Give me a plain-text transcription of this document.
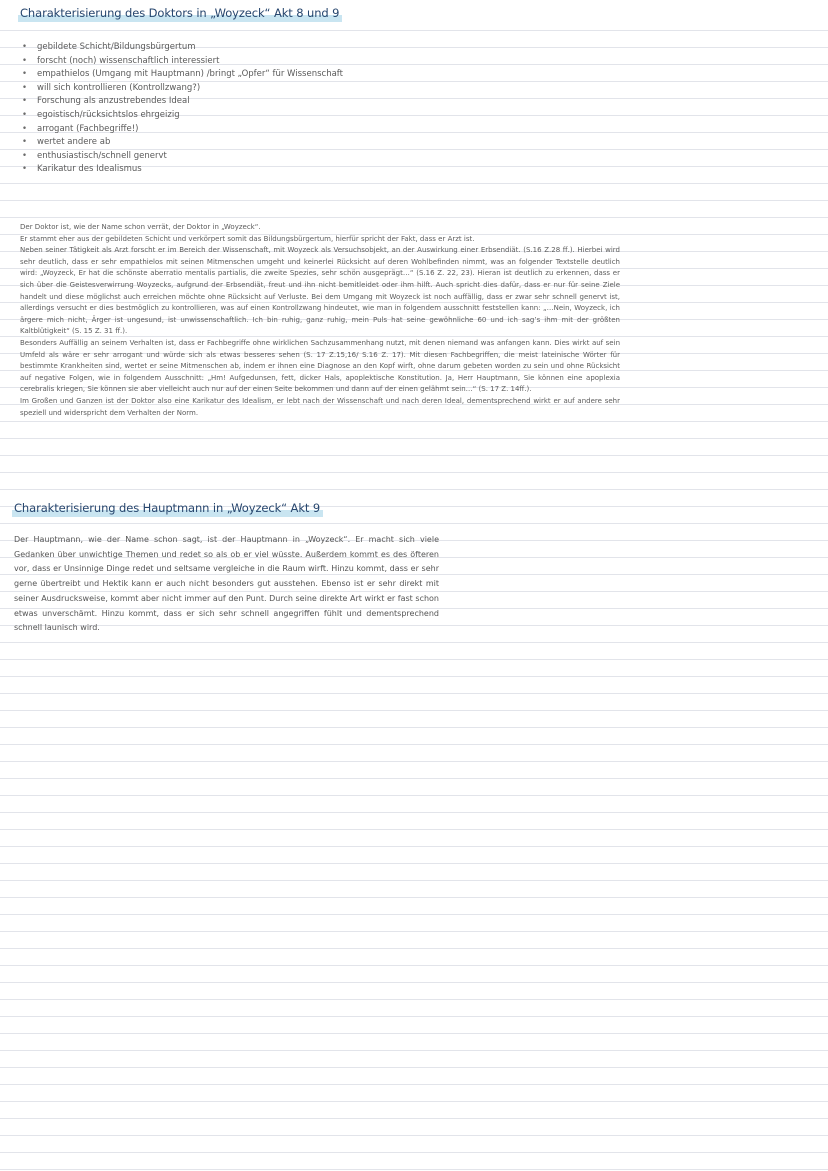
Charakterisierung des Doktors in „Woyzeck“ Akt 8 und 9
• gebildete Schicht/Bildungsbürgertum
• forscht (noch) wissenschaftlich interessiert
• empathielos (Umgang mit Hauptmann) /bringt „Opfer“ für Wissenschaft
• will sich kontrollieren (Kontrollzwang?)
• Forschung als anzustrebendes Ideal
• egoistisch/rücksichtslos ehrgeizig
• arrogant (Fachbegriffe!)
• wertet andere ab
• enthusiastisch/schnell genervt
• Karikatur des Idealismus

Der Doktor ist, wie der Name schon verrät, der Doktor in „Woyzeck“.

Er stammt eher aus der gebildeten Schicht und verkörpert somit das Bildungsbürgertum, hierfür spricht der Fakt, dass er Arzt ist.

Neben seiner Tätigkeit als Arzt forscht er im Bereich der Wissenschaft, mit Woyzeck als Versuchsobjekt, an der Auswirkung einer Erbsendiät. (S.16 Z.28 ff.). Hierbei wird sehr deutlich, dass er sehr empathielos mit seinen Mitmenschen umgeht und keinerlei Rücksicht auf deren Wohlbefinden nimmt, was an folgender Textstelle deutlich wird: „Woyzeck, Er hat die schönste aberratio mentalis partialis, die zweite Spezies, sehr schön ausgeprägt…“ (S.16 Z. 22, 23). Hieran ist deutlich zu erkennen, dass er sich über die Geistesverwirrung Woyzecks, aufgrund der Erbsendiät, freut und ihn nicht bemitleidet oder ihm hilft. Auch spricht dies dafür, dass er nur für seine Ziele handelt und diese möglichst auch erreichen möchte ohne Rücksicht auf Verluste. Bei dem Umgang mit Woyzeck ist noch auffällig, dass er zwar sehr schnell genervt ist, allerdings versucht er dies bestmöglich zu kontrollieren, was auf einen Kontrollzwang hindeutet, wie man in folgendem ausschnitt feststellen kann: „…Nein, Woyzeck, ich ärgere mich nicht, Ärger ist ungesund, ist unwissenschaftlich. Ich bin ruhig, ganz ruhig, mein Puls hat seine gewöhnliche 60 und ich sag’s ihm mit der größten Kaltblütigkeit“ (S. 15 Z. 31 ff.).

Besonders Auffällig an seinem Verhalten ist, dass er Fachbegriffe ohne wirklichen Sachzusammenhang nutzt, mit denen niemand was anfangen kann. Dies wirkt auf sein Umfeld als wäre er sehr arrogant und würde sich als etwas besseres sehen (S. 17 Z.15,16/ S.16 Z. 17). Mit diesen Fachbegriffen, die meist lateinische Wörter für bestimmte Krankheiten sind, wertet er seine Mitmenschen ab, indem er ihnen eine Diagnose an den Kopf wirft, ohne darum gebeten worden zu sein und ohne Rücksicht auf negative Folgen, wie in folgendem Ausschnitt: „Hm! Aufgedunsen, fett, dicker Hals, apoplektische Konstitution. Ja, Herr Hauptmann, Sie können eine apoplexia cerebralis kriegen, Sie können sie aber vielleicht auch nur auf der einen Seite bekommen und dann auf der einen gelähmt sein…“ (S. 17 Z. 14ff.).

Im Großen und Ganzen ist der Doktor also eine Karikatur des Idealism, er lebt nach der Wissenschaft und nach deren Ideal, dementsprechend wirkt er auf andere sehr speziell und widerspricht dem Verhalten der Norm.

Charakterisierung des Hauptmann in „Woyzeck“ Akt 9

Der Hauptmann, wie der Name schon sagt, ist der Hauptmann in „Woyzeck“. Er macht sich viele Gedanken über unwichtige Themen und redet so als ob er viel wüsste. Außerdem kommt es des öfteren vor, dass er Unsinnige Dinge redet und seltsame vergleiche in die Raum wirft. Hinzu kommt, dass er sehr gerne übertreibt und Hektik kann er auch nicht besonders gut ausstehen. Ebenso ist er sehr direkt mit seiner Ausdrucksweise, kommt aber nicht immer auf den Punt. Durch seine direkte Art wirkt er fast schon etwas unverschämt. Hinzu kommt, dass er sich sehr schnell angegriffen fühlt und dementsprechend schnell launisch wird.
